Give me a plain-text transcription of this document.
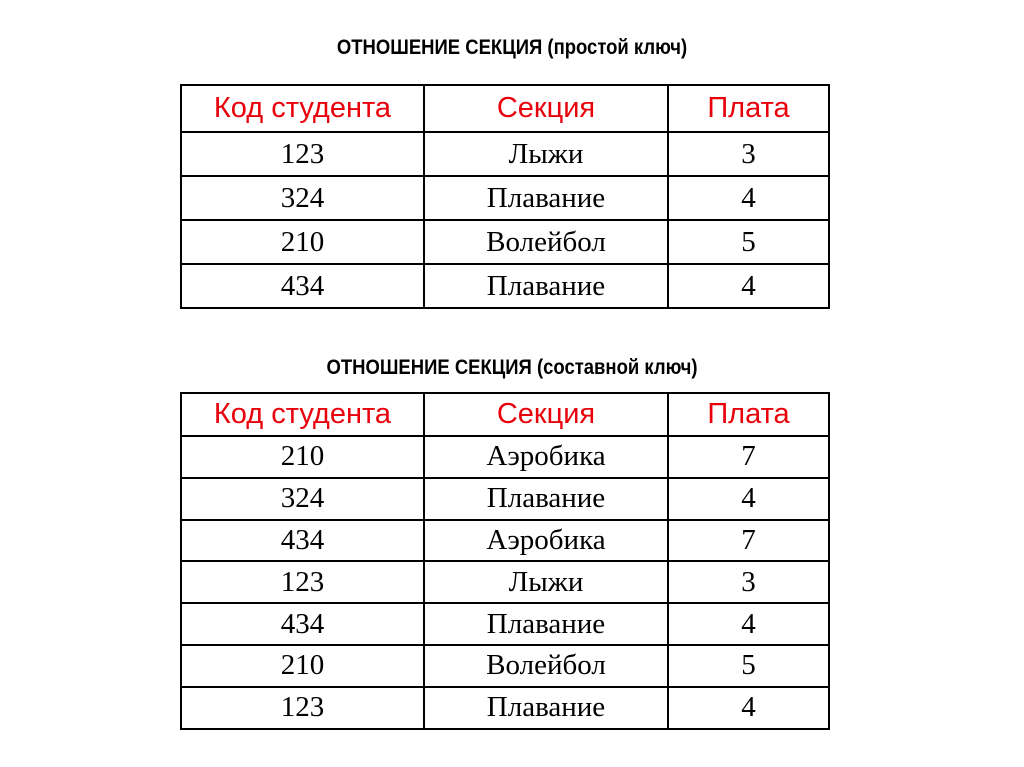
ОТНОШЕНИЕ СЕКЦИЯ (простой ключ)
Код студента	Секция	Плата
123	Лыжи	3
324	Плавание	4
210	Волейбол	5
434	Плавание	4
ОТНОШЕНИЕ СЕКЦИЯ (составной ключ)
Код студента	Секция	Плата
210	Аэробика	7
324	Плавание	4
434	Аэробика	7
123	Лыжи	3
434	Плавание	4
210	Волейбол	5
123	Плавание	4
